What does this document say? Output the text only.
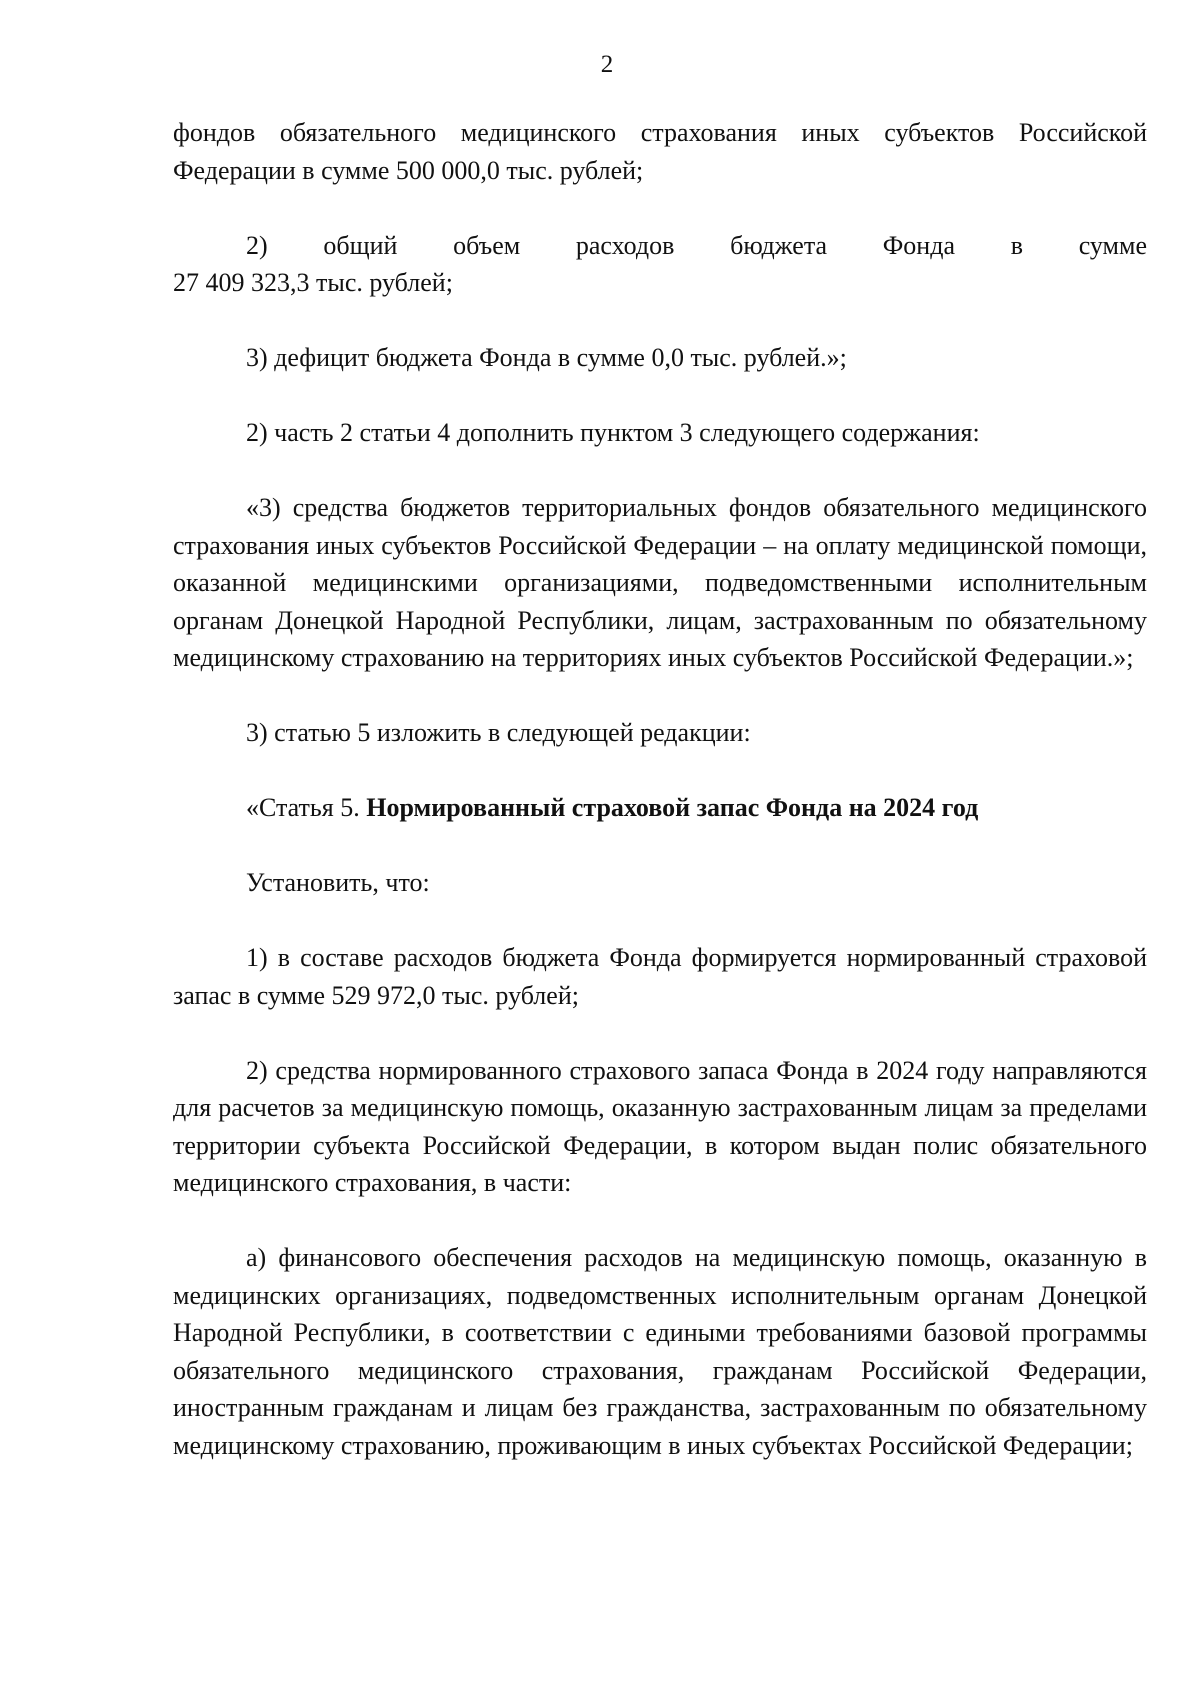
2

фондов обязательного медицинского страхования иных субъектов Российской Федерации в сумме 500 000,0 тыс. рублей;

2) общий объем расходов бюджета Фонда в сумме

27 409 323,3 тыс. рублей;

3) дефицит бюджета Фонда в сумме 0,0 тыс. рублей.»;

2) часть 2 статьи 4 дополнить пунктом 3 следующего содержания:

«3) средства бюджетов территориальных фондов обязательного медицинского страхования иных субъектов Российской Федерации – на оплату медицинской помощи, оказанной медицинскими организациями, подведомственными исполнительным органам Донецкой Народной Республики, лицам, застрахованным по обязательному медицинскому страхованию на территориях иных субъектов Российской Федерации.»;

3) статью 5 изложить в следующей редакции:

«Статья 5. Нормированный страховой запас Фонда на 2024 год

Установить, что:

1) в составе расходов бюджета Фонда формируется нормированный страховой запас в сумме 529 972,0 тыс. рублей;

2) средства нормированного страхового запаса Фонда в 2024 году направляются для расчетов за медицинскую помощь, оказанную застрахованным лицам за пределами территории субъекта Российской Федерации, в котором выдан полис обязательного медицинского страхования, в части:

а) финансового обеспечения расходов на медицинскую помощь, оказанную в медицинских организациях, подведомственных исполнительным органам Донецкой Народной Республики, в соответствии с едиными требованиями базовой программы обязательного медицинского страхования, гражданам Российской Федерации, иностранным гражданам и лицам без гражданства, застрахованным по обязательному медицинскому страхованию, проживающим в иных субъектах Российской Федерации;
